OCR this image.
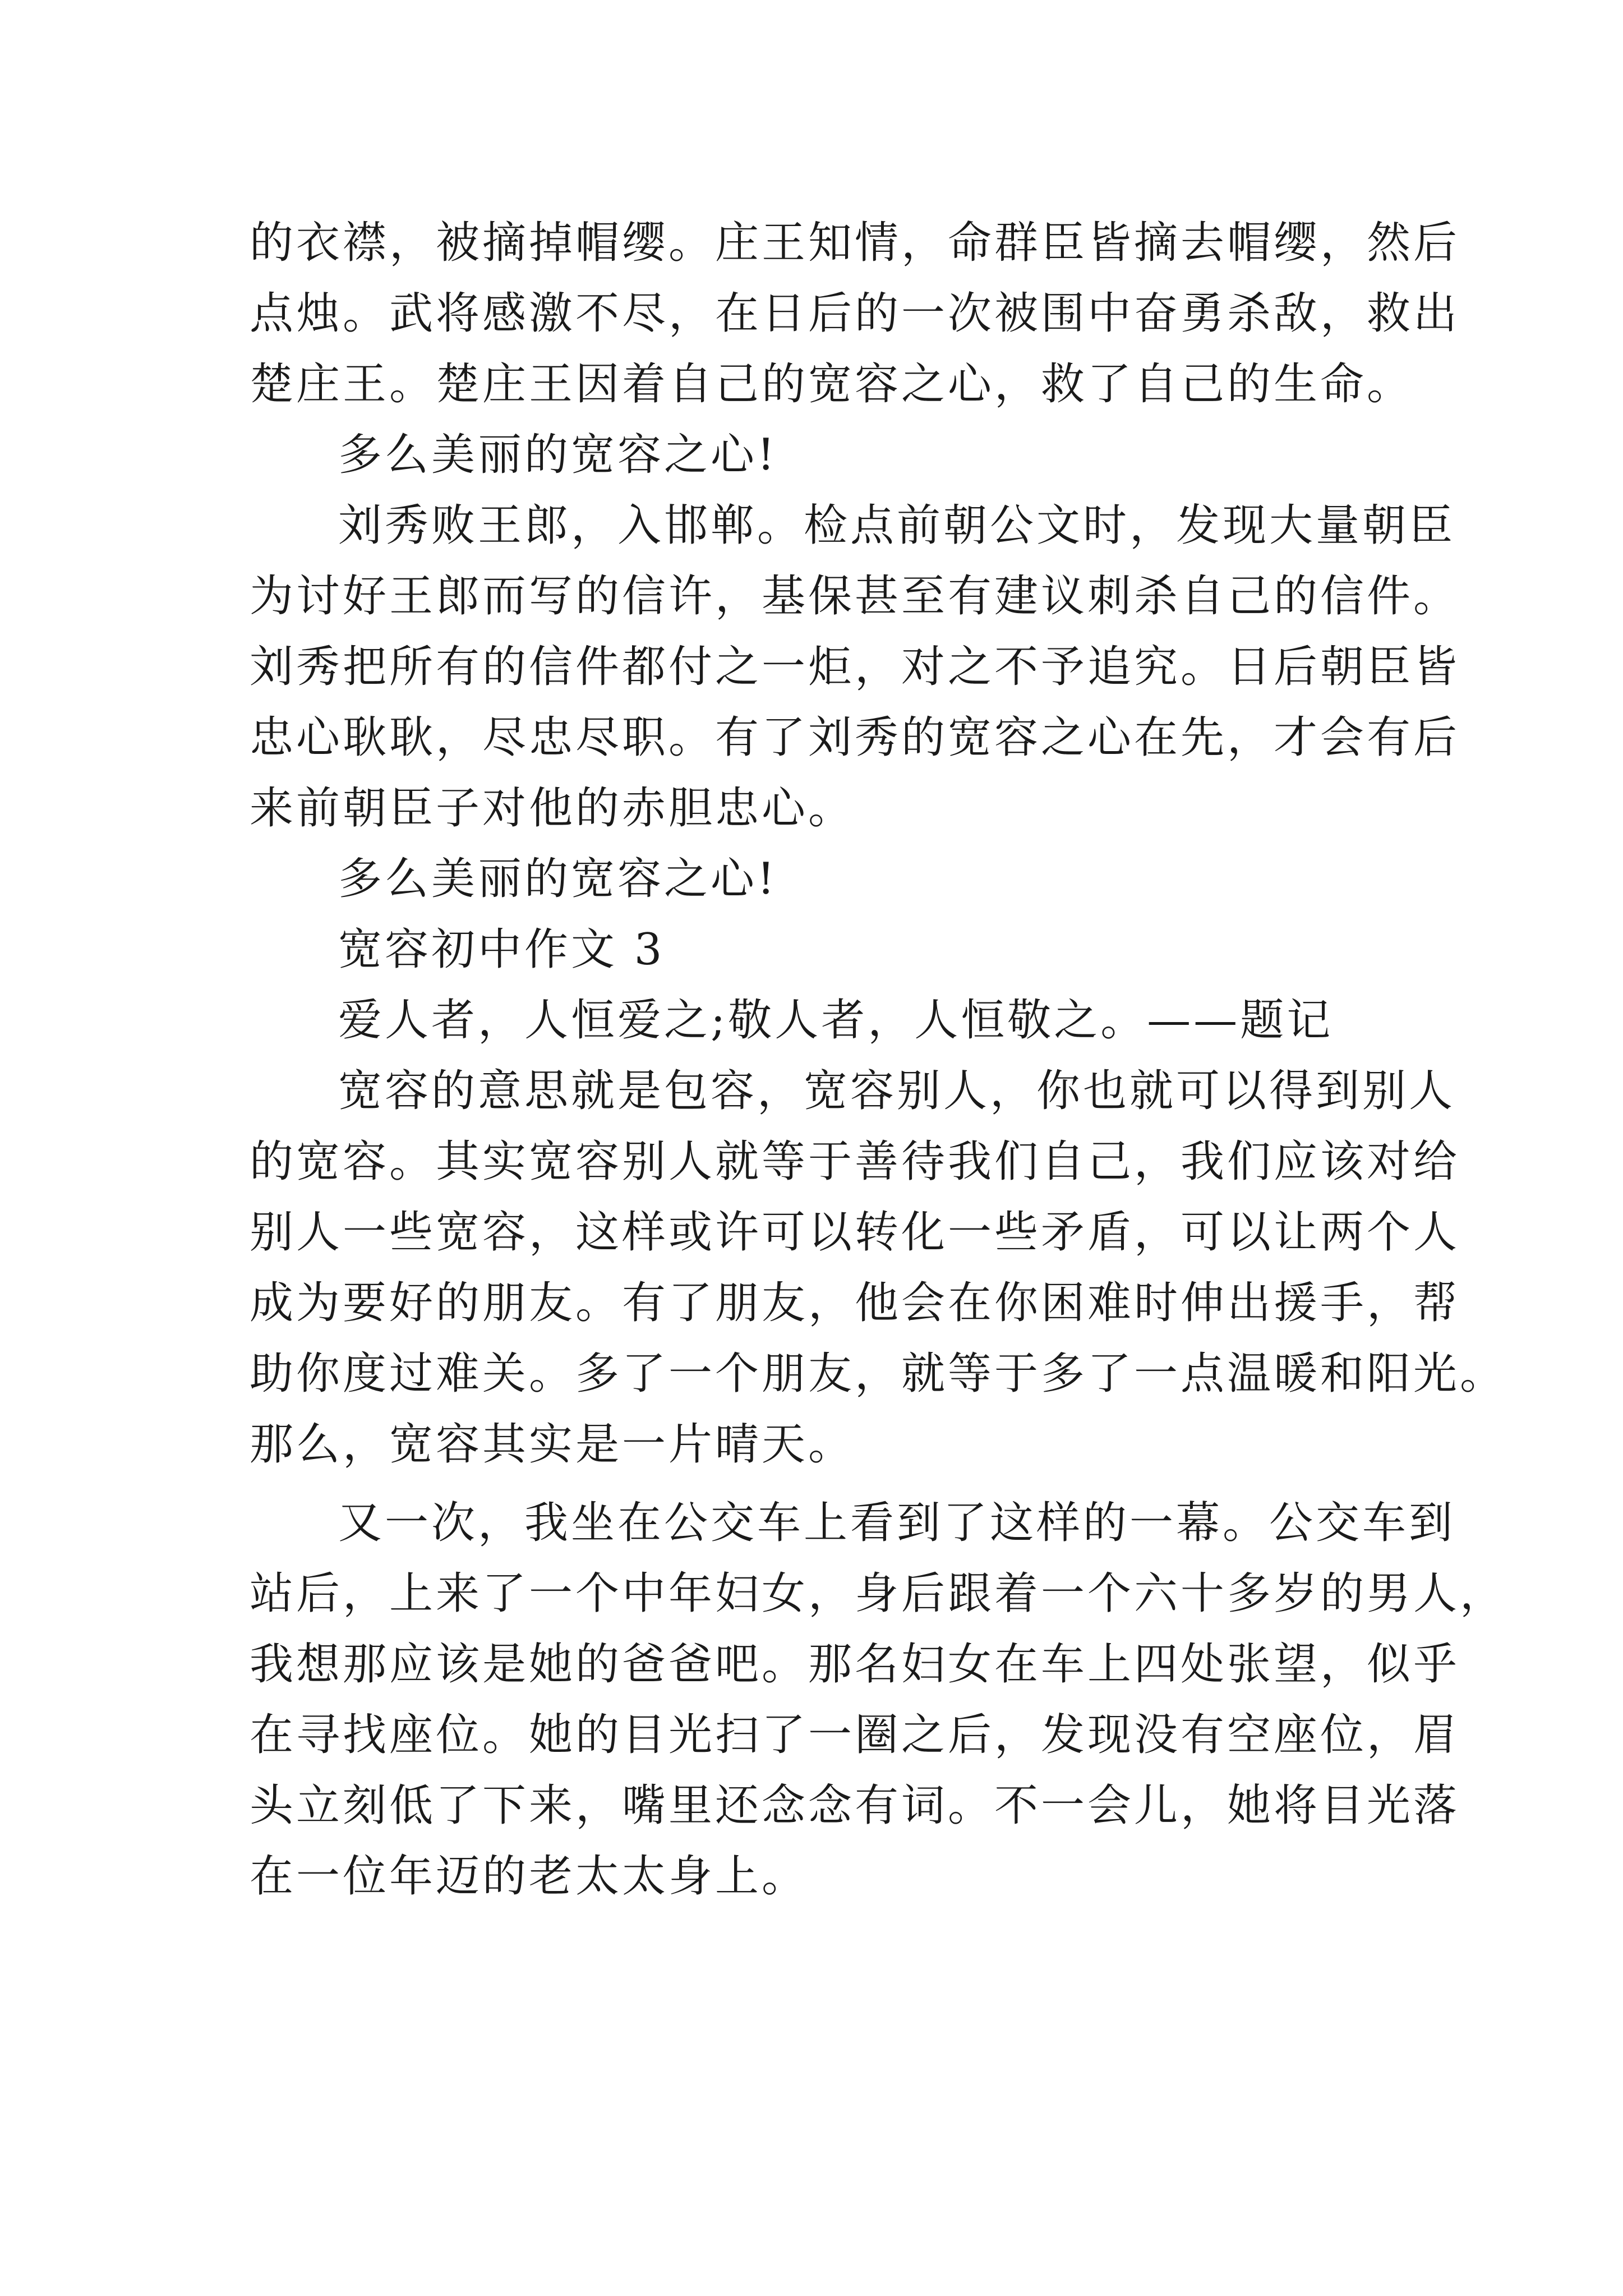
的衣襟，被摘掉帽缨。庄王知情，命群臣皆摘去帽缨，然后
点烛。武将感激不尽，在日后的一次被围中奋勇杀敌，救出
楚庄王。楚庄王因着自己的宽容之心，救了自己的生命。
多么美丽的宽容之心!
刘秀败王郎，入邯郸。检点前朝公文时，发现大量朝臣
为讨好王郎而写的信许，基保甚至有建议刺杀自己的信件。
刘秀把所有的信件都付之一炬，对之不予追究。日后朝臣皆
忠心耿耿，尽忠尽职。有了刘秀的宽容之心在先，才会有后
来前朝臣子对他的赤胆忠心。
多么美丽的宽容之心!
宽容初中作文 3
爱人者，人恒爱之;敬人者，人恒敬之。——题记
宽容的意思就是包容，宽容别人，你也就可以得到别人
的宽容。其实宽容别人就等于善待我们自己，我们应该对给
别人一些宽容，这样或许可以转化一些矛盾，可以让两个人
成为要好的朋友。有了朋友，他会在你困难时伸出援手，帮
助你度过难关。多了一个朋友，就等于多了一点温暖和阳光。
那么，宽容其实是一片晴天。
又一次，我坐在公交车上看到了这样的一幕。公交车到
站后，上来了一个中年妇女，身后跟着一个六十多岁的男人，
我想那应该是她的爸爸吧。那名妇女在车上四处张望，似乎
在寻找座位。她的目光扫了一圈之后，发现没有空座位，眉
头立刻低了下来，嘴里还念念有词。不一会儿，她将目光落
在一位年迈的老太太身上。
